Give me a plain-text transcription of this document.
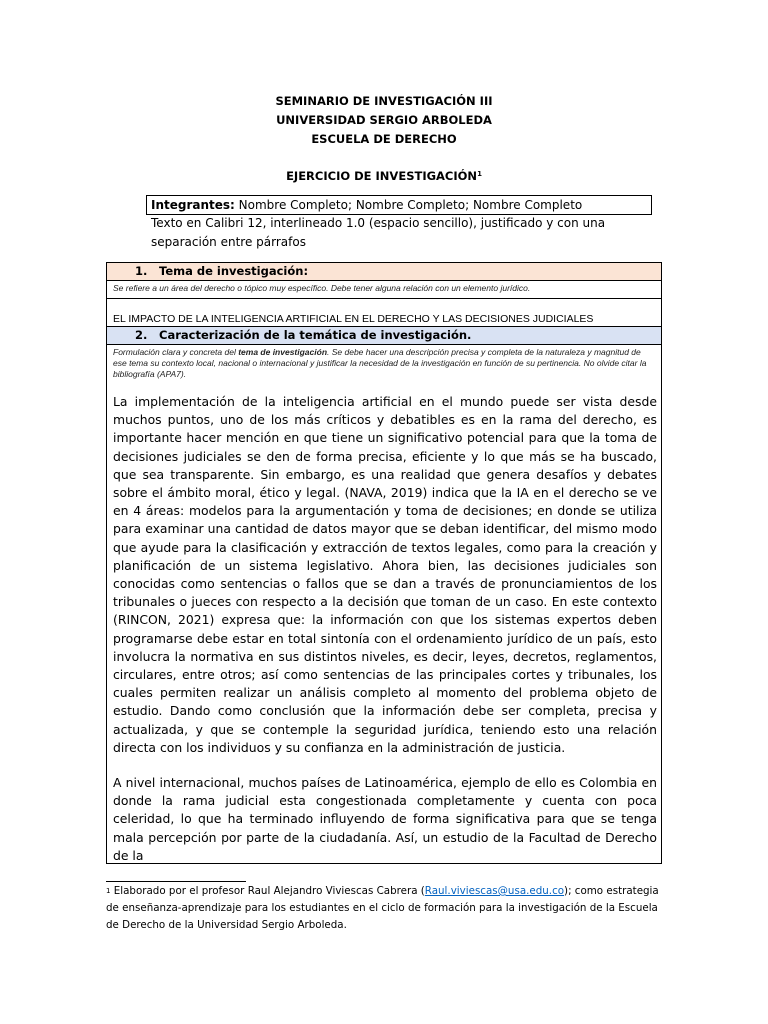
SEMINARIO DE INVESTIGACIÓN III
UNIVERSIDAD SERGIO ARBOLEDA
ESCUELA DE DERECHO
EJERCICIO DE INVESTIGACIÓN$^1$
Integrantes: Nombre Completo; Nombre Completo; Nombre Completo
Texto en Calibri 12, interlineado 1.0 (espacio sencillo), justificado y con una separación entre párrafos
1. Tema de investigación:
Se refiere a un área del derecho o tópico muy específico. Debe tener alguna relación con un elemento jurídico.
EL IMPACTO DE LA INTELIGENCIA ARTIFICIAL EN EL DERECHO Y LAS DECISIONES JUDICIALES
2. Caracterización de la temática de investigación.
Formulación clara y concreta del tema de investigación. Se debe hacer una descripción precisa y completa de la naturaleza y magnitud de ese tema su contexto local, nacional o internacional y justificar la necesidad de la investigación en función de su pertinencia. No olvide citar la bibliografía (APA7).

La implementación de la inteligencia artificial en el mundo puede ser vista desde muchos puntos, uno de los más críticos y debatibles es en la rama del derecho, es importante hacer mención en que tiene un significativo potencial para que la toma de decisiones judiciales se den de forma precisa, eficiente y lo que más se ha buscado, que sea transparente. Sin embargo, es una realidad que genera desafíos y debates sobre el ámbito moral, ético y legal. (NAVA, 2019) indica que la IA en el derecho se ve en 4 áreas: modelos para la argumentación y toma de decisiones; en donde se utiliza para examinar una cantidad de datos mayor que se deban identificar, del mismo modo que ayude para la clasificación y extracción de textos legales, como para la creación y planificación de un sistema legislativo. Ahora bien, las decisiones judiciales son conocidas como sentencias o fallos que se dan a través de pronunciamientos de los tribunales o jueces con respecto a la decisión que toman de un caso. En este contexto (RINCON, 2021) expresa que: la información con que los sistemas expertos deben programarse debe estar en total sintonía con el ordenamiento jurídico de un país, esto involucra la normativa en sus distintos niveles, es decir, leyes, decretos, reglamentos, circulares, entre otros; así como sentencias de las principales cortes y tribunales, los cuales permiten realizar un análisis completo al momento del problema objeto de estudio. Dando como conclusión que la información debe ser completa, precisa y actualizada, y que se contemple la seguridad jurídica, teniendo esto una relación directa con los individuos y su confianza en la administración de justicia.

A nivel internacional, muchos países de Latinoamérica, ejemplo de ello es Colombia en donde la rama judicial esta congestionada completamente y cuenta con poca celeridad, lo que ha terminado influyendo de forma significativa para que se tenga mala percepción por parte de la ciudadanía. Así, un estudio de la Facultad de Derecho de la

$^1$ Elaborado por el profesor Raul Alejandro Viviescas Cabrera (Raul.viviescas@usa.edu.co); como estrategia de enseñanza-aprendizaje para los estudiantes en el ciclo de formación para la investigación de la Escuela de Derecho de la Universidad Sergio Arboleda.
